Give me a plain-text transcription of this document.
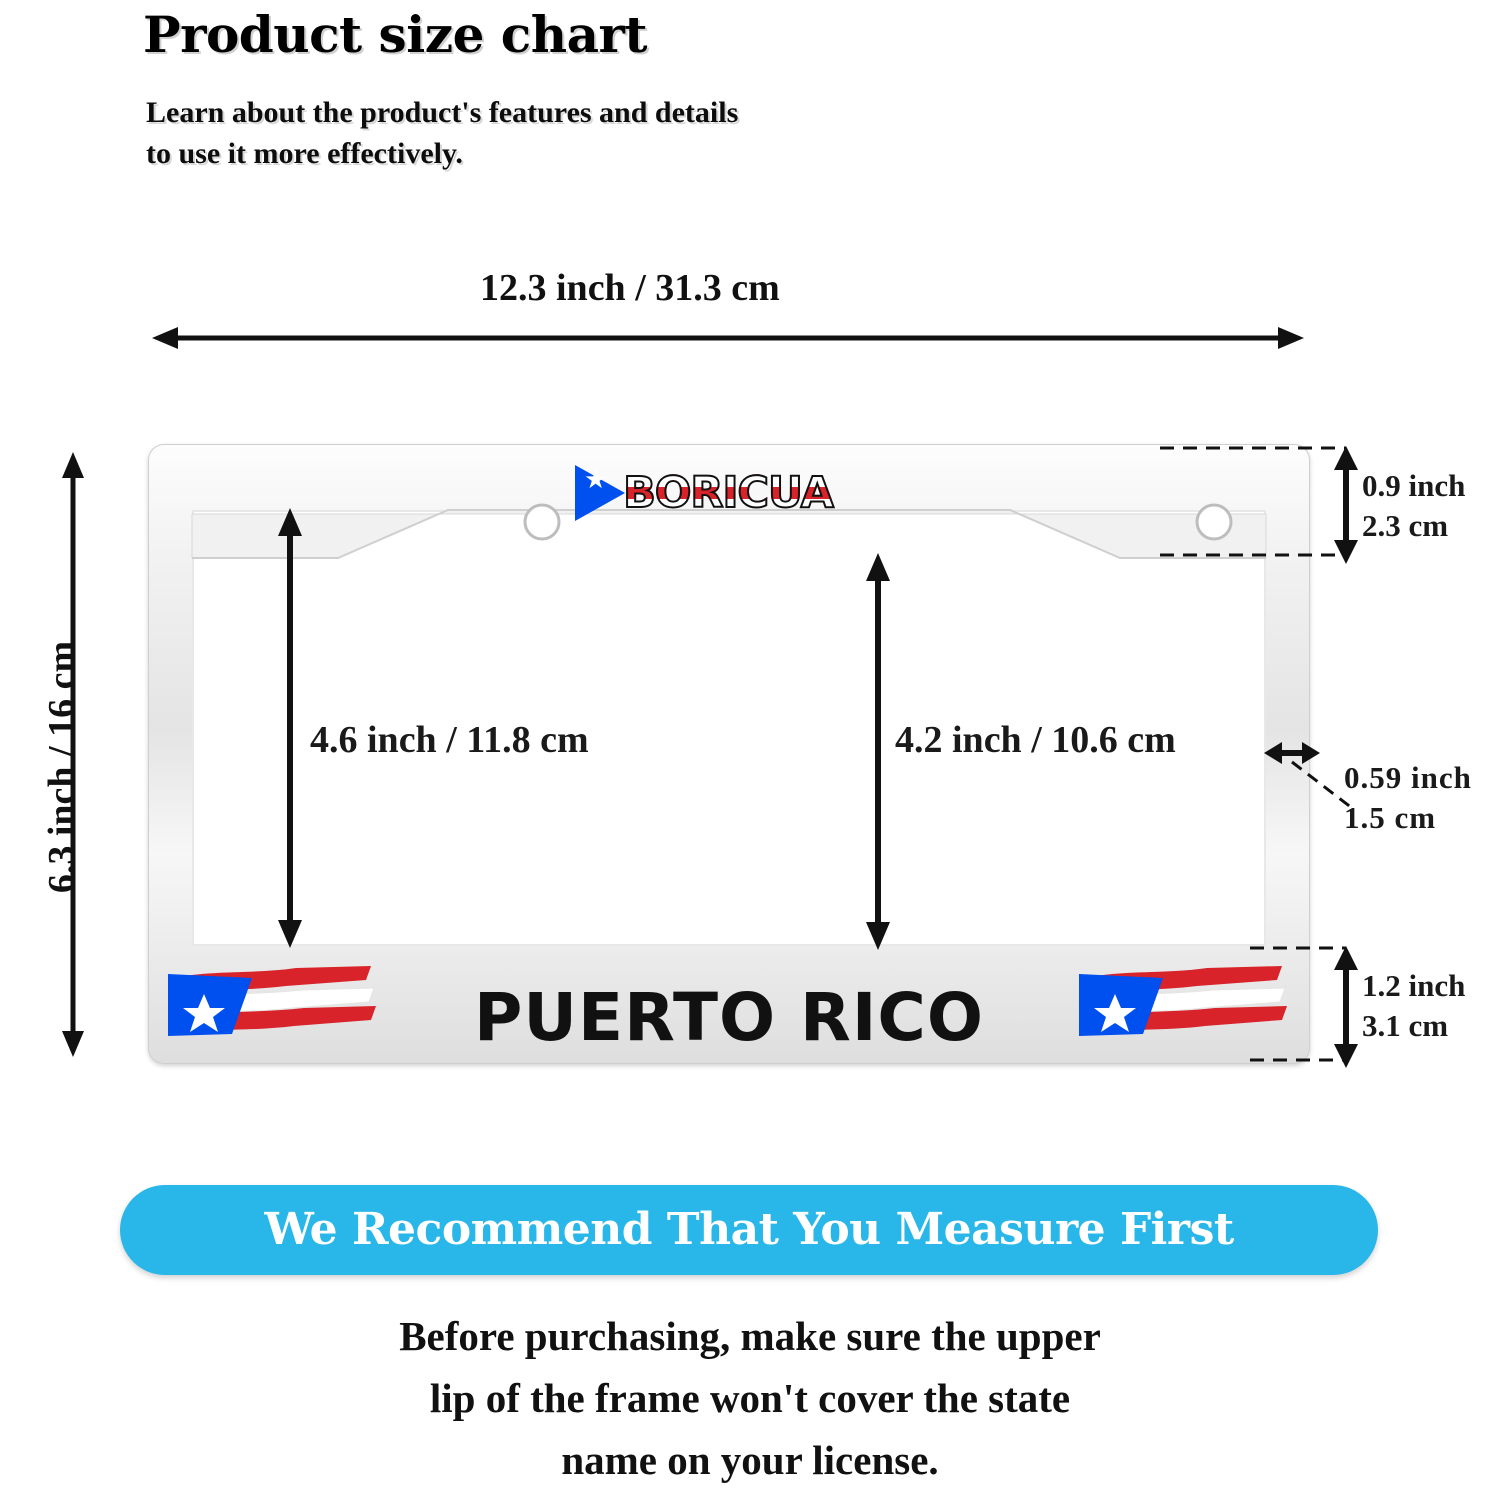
Product size chart
Learn about the product's features and details
to use it more effectively.
12.3 inch / 31.3 cm
6.3 inch / 16 cm
BORICUA
PUERTO RICO
4.6 inch / 11.8 cm	4.2 inch / 10.6 cm
0.9 inch
2.3 cm
0.59 inch
1.5 cm
1.2 inch
3.1 cm
We Recommend That You Measure First
Before purchasing, make sure the upper
lip of the frame won't cover the state
name on your license.
